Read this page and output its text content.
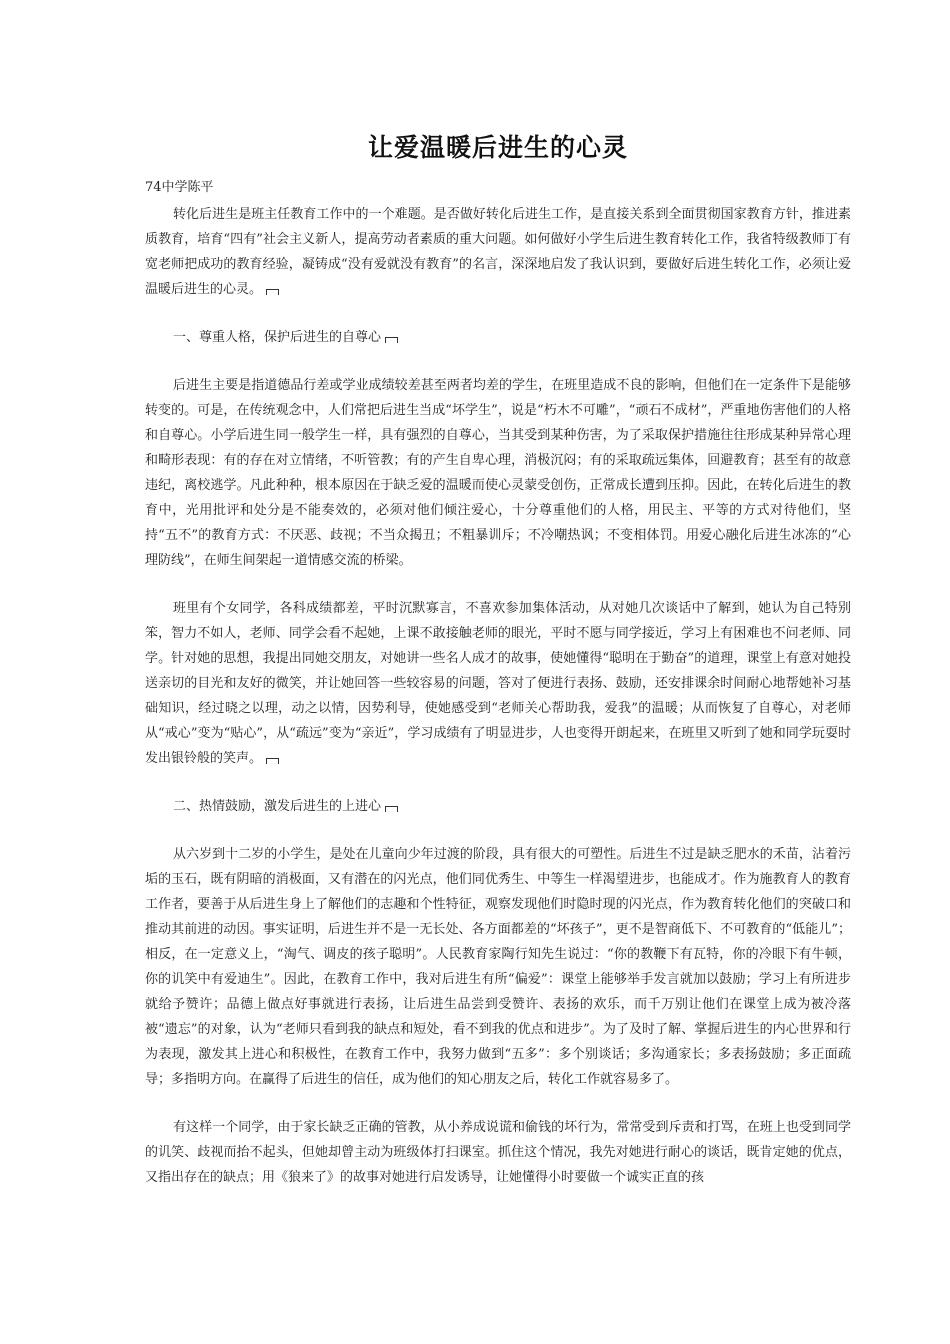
让爱温暖后进生的心灵
74中学陈平

转化后进生是班主任教育工作中的一个难题。是否做好转化后进生工作，是直接关系到全面贯彻国家教育方针，推进素质教育，培育“四有”社会主义新人，提高劳动者素质的重大问题。如何做好小学生后进生教育转化工作，我省特级教师丁有宽老师把成功的教育经验，凝铸成“没有爱就没有教育”的名言，深深地启发了我认识到，要做好后进生转化工作，必须让爱温暖后进生的心灵。

一、尊重人格，保护后进生的自尊心

后进生主要是指道德品行差或学业成绩较差甚至两者均差的学生，在班里造成不良的影响，但他们在一定条件下是能够转变的。可是，在传统观念中，人们常把后进生当成“坏学生”，说是“朽木不可雕”，“顽石不成材”，严重地伤害他们的人格和自尊心。小学后进生同一般学生一样，具有强烈的自尊心，当其受到某种伤害，为了采取保护措施往往形成某种异常心理和畸形表现：有的存在对立情绪，不听管教；有的产生自卑心理，消极沉闷；有的采取疏远集体，回避教育；甚至有的故意违纪，离校逃学。凡此种种，根本原因在于缺乏爱的温暖而使心灵蒙受创伤，正常成长遭到压抑。因此，在转化后进生的教育中，光用批评和处分是不能奏效的，必须对他们倾注爱心，十分尊重他们的人格，用民主、平等的方式对待他们，坚持“五不”的教育方式：不厌恶、歧视；不当众揭丑；不粗暴训斥；不冷嘲热讽；不变相体罚。用爱心融化后进生冰冻的“心理防线”，在师生间架起一道情感交流的桥梁。

班里有个女同学，各科成绩都差，平时沉默寡言，不喜欢参加集体活动，从对她几次谈话中了解到，她认为自己特别笨，智力不如人，老师、同学会看不起她，上课不敢接触老师的眼光，平时不愿与同学接近，学习上有困难也不问老师、同学。针对她的思想，我提出同她交朋友，对她讲一些名人成才的故事，使她懂得“聪明在于勤奋”的道理，课堂上有意对她投送亲切的目光和友好的微笑，并让她回答一些较容易的问题，答对了便进行表扬、鼓励，还安排课余时间耐心地帮她补习基础知识，经过晓之以理，动之以情，因势利导，使她感受到“老师关心帮助我，爱我”的温暖；从而恢复了自尊心，对老师从“戒心”变为“贴心”，从“疏远”变为“亲近”，学习成绩有了明显进步，人也变得开朗起来，在班里又听到了她和同学玩耍时发出银铃般的笑声。

二、热情鼓励，激发后进生的上进心

从六岁到十二岁的小学生，是处在儿童向少年过渡的阶段，具有很大的可塑性。后进生不过是缺乏肥水的禾苗，沾着污垢的玉石，既有阴暗的消极面，又有潜在的闪光点，他们同优秀生、中等生一样渴望进步，也能成才。作为施教育人的教育工作者，要善于从后进生身上了解他们的志趣和个性特征，观察发现他们时隐时现的闪光点，作为教育转化他们的突破口和推动其前进的动因。事实证明，后进生并不是一无长处、各方面都差的“坏孩子”，更不是智商低下、不可教育的“低能儿”；相反，在一定意义上，“淘气、调皮的孩子聪明”。人民教育家陶行知先生说过：“你的教鞭下有瓦特，你的冷眼下有牛顿，你的讥笑中有爱迪生”。因此，在教育工作中，我对后进生有所“偏爱”：课堂上能够举手发言就加以鼓励；学习上有所进步就给予赞许；品德上做点好事就进行表扬，让后进生品尝到受赞许、表扬的欢乐，而千万别让他们在课堂上成为被冷落被“遗忘”的对象，认为“老师只看到我的缺点和短处，看不到我的优点和进步”。为了及时了解、掌握后进生的内心世界和行为表现，激发其上进心和积极性，在教育工作中，我努力做到“五多”：多个别谈话；多沟通家长；多表扬鼓励；多正面疏导；多指明方向。在赢得了后进生的信任，成为他们的知心朋友之后，转化工作就容易多了。

有这样一个同学，由于家长缺乏正确的管教，从小养成说谎和偷钱的坏行为，常常受到斥责和打骂，在班上也受到同学的讥笑、歧视而抬不起头，但她却曾主动为班级体打扫课室。抓住这个情况，我先对她进行耐心的谈话，既肯定她的优点，又指出存在的缺点；用《狼来了》的故事对她进行启发诱导，让她懂得小时要做一个诚实正直的孩
